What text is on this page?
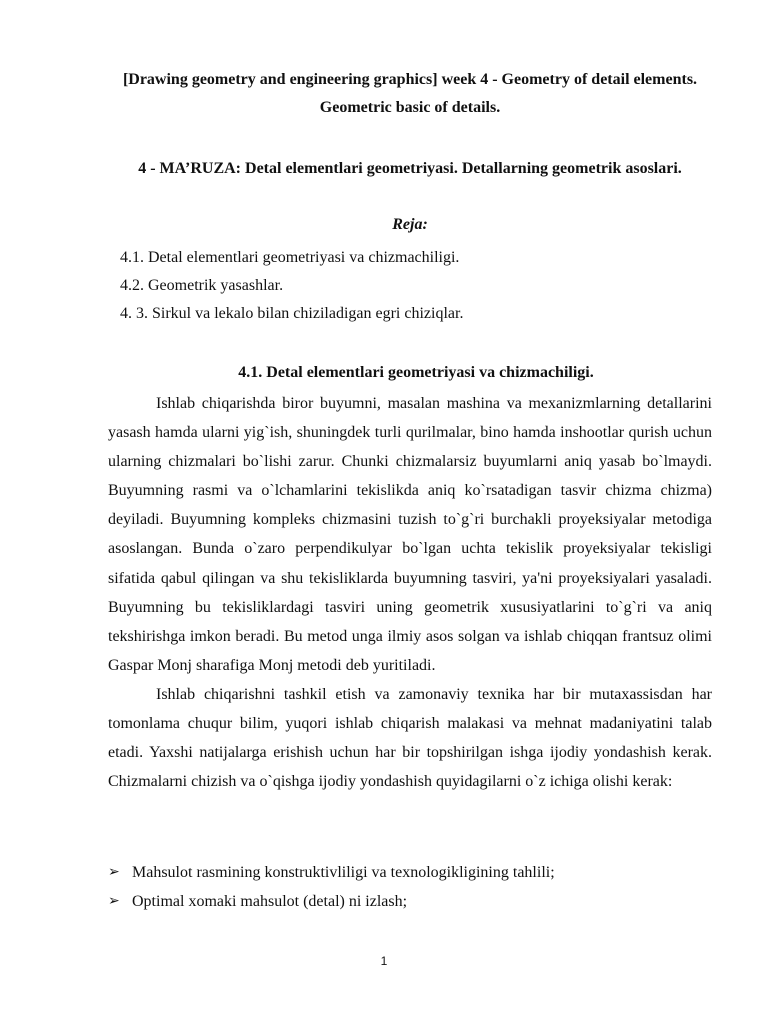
[Drawing geometry and engineering graphics] week 4 - Geometry of detail elements. Geometric basic of details.
4 - MA’RUZA: Detal elementlari geometriyasi. Detallarning geometrik asoslari.
Reja:
4.1. Detal elementlari geometriyasi va chizmachiligi.
4.2. Geometrik yasashlar.
4. 3. Sirkul va lekalo bilan chiziladigan egri chiziqlar.
4.1. Detal elementlari geometriyasi va chizmachiligi.

Ishlab chiqarishda biror buyumni, masalan mashina va mexanizmlarning detallarini yasash hamda ularni yig`ish, shuningdek turli qurilmalar, bino hamda inshootlar qurish uchun ularning chizmalari bo`lishi zarur. Chunki chizmalarsiz buyumlarni aniq yasab bo`lmaydi. Buyumning rasmi va o`lchamlarini tekislikda aniq ko`rsatadigan tasvir chizma chizma) deyiladi. Buyumning kompleks chizmasini tuzish to`g`ri burchakli proyeksiyalar metodiga asoslangan. Bunda o`zaro perpendikulyar bo`lgan uchta tekislik proyeksiyalar tekisligi sifatida qabul qilingan va shu tekisliklarda buyumning tasviri, ya'ni proyeksiyalari yasaladi. Buyumning bu tekisliklardagi tasviri uning geometrik xususiyatlarini to`g`ri va aniq tekshirishga imkon beradi. Bu metod unga ilmiy asos solgan va ishlab chiqqan frantsuz olimi Gaspar Monj sharafiga Monj metodi deb yuritiladi.

Ishlab chiqarishni tashkil etish va zamonaviy texnika har bir mutaxassisdan har tomonlama chuqur bilim, yuqori ishlab chiqarish malakasi va mehnat madaniyatini talab etadi. Yaxshi natijalarga erishish uchun har bir topshirilgan ishga ijodiy yondashish kerak. Chizmalarni chizish va o`qishga ijodiy yondashish quyidagilarni o`z ichiga olishi kerak:

➢ Mahsulot rasmining konstruktivliligi va texnologikligining tahlili;
➢ Optimal xomaki mahsulot (detal) ni izlash;
1
